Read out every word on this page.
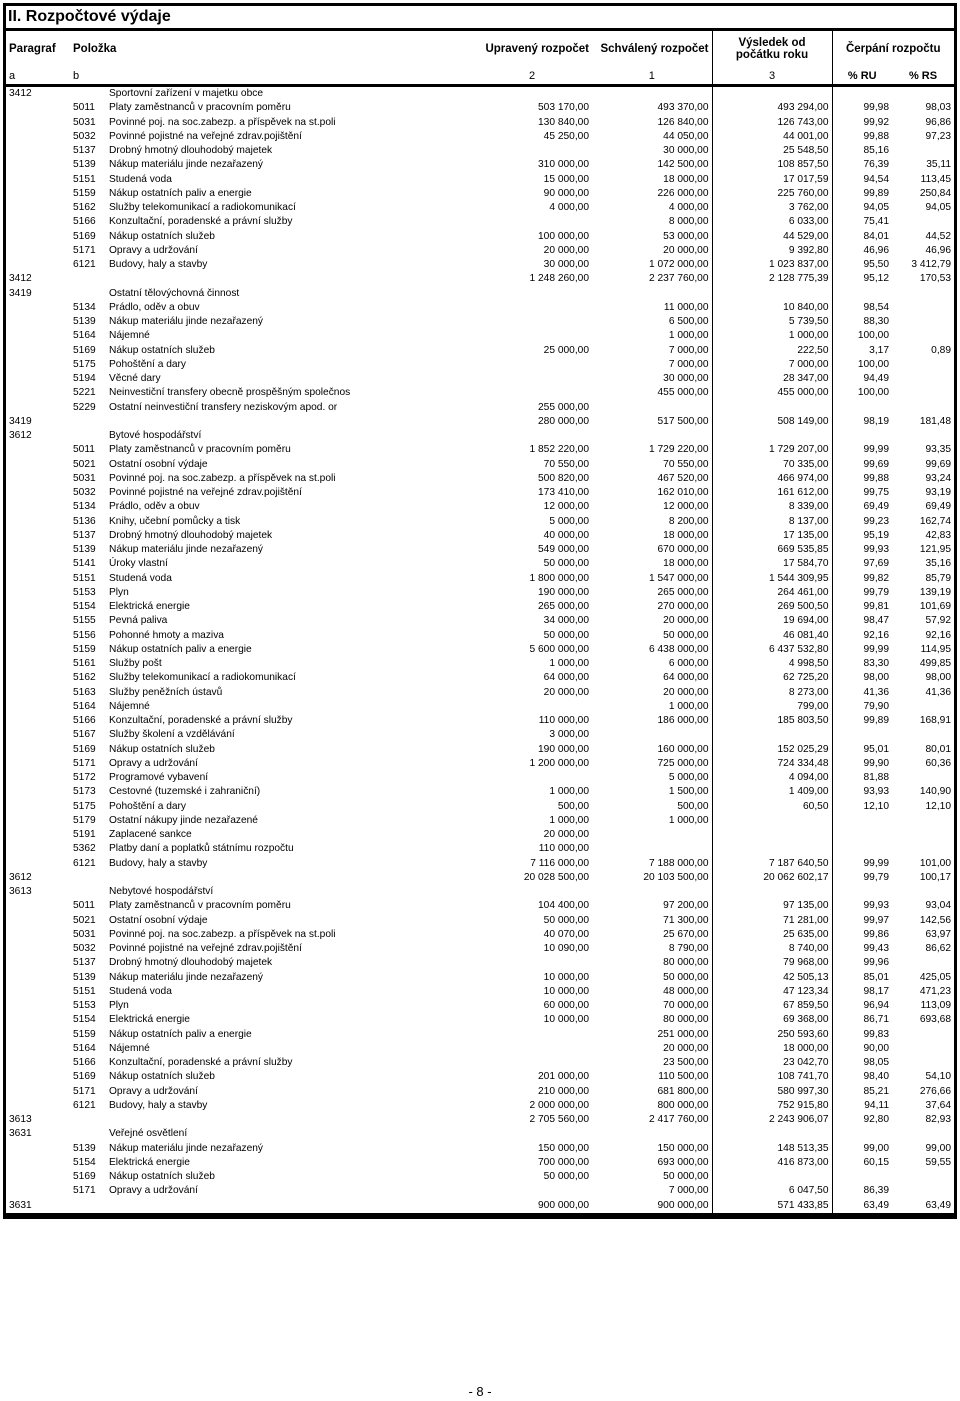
II. Rozpočtové výdaje
Paragraf	Položka		Upravený rozpočet	Schválený rozpočet	Výsledek od
počátku roku	Čerpání rozpočtu	
a	b		2	1	3	% RU	% RS
3412		Sportovní zařízení v majetku obce					
	5011	Platy zaměstnanců v pracovním poměru	503 170,00	493 370,00	493 294,00	99,98	98,03
	5031	Povinné poj. na soc.zabezp. a příspěvek na st.poli	130 840,00	126 840,00	126 743,00	99,92	96,86
	5032	Povinné pojistné na veřejné zdrav.pojištění	45 250,00	44 050,00	44 001,00	99,88	97,23
	5137	Drobný hmotný dlouhodobý majetek		30 000,00	25 548,50	85,16	
	5139	Nákup materiálu jinde nezařazený	310 000,00	142 500,00	108 857,50	76,39	35,11
	5151	Studená voda	15 000,00	18 000,00	17 017,59	94,54	113,45
	5159	Nákup ostatních paliv a energie	90 000,00	226 000,00	225 760,00	99,89	250,84
	5162	Služby telekomunikací a radiokomunikací	4 000,00	4 000,00	3 762,00	94,05	94,05
	5166	Konzultační, poradenské a právní služby		8 000,00	6 033,00	75,41	
	5169	Nákup ostatních služeb	100 000,00	53 000,00	44 529,00	84,01	44,52
	5171	Opravy a udržování	20 000,00	20 000,00	9 392,80	46,96	46,96
	6121	Budovy, haly a stavby	30 000,00	1 072 000,00	1 023 837,00	95,50	3 412,79
3412			1 248 260,00	2 237 760,00	2 128 775,39	95,12	170,53
3419		Ostatní tělovýchovná činnost					
	5134	Prádlo, oděv a obuv		11 000,00	10 840,00	98,54	
	5139	Nákup materiálu jinde nezařazený		6 500,00	5 739,50	88,30	
	5164	Nájemné		1 000,00	1 000,00	100,00	
	5169	Nákup ostatních služeb	25 000,00	7 000,00	222,50	3,17	0,89
	5175	Pohoštění a dary		7 000,00	7 000,00	100,00	
	5194	Věcné dary		30 000,00	28 347,00	94,49	
	5221	Neinvestiční transfery obecně prospěšným společnos		455 000,00	455 000,00	100,00	
	5229	Ostatní neinvestiční transfery neziskovým apod. or	255 000,00				
3419			280 000,00	517 500,00	508 149,00	98,19	181,48
3612		Bytové hospodářství					
	5011	Platy zaměstnanců v pracovním poměru	1 852 220,00	1 729 220,00	1 729 207,00	99,99	93,35
	5021	Ostatní osobní výdaje	70 550,00	70 550,00	70 335,00	99,69	99,69
	5031	Povinné poj. na soc.zabezp. a příspěvek na st.poli	500 820,00	467 520,00	466 974,00	99,88	93,24
	5032	Povinné pojistné na veřejné zdrav.pojištění	173 410,00	162 010,00	161 612,00	99,75	93,19
	5134	Prádlo, oděv a obuv	12 000,00	12 000,00	8 339,00	69,49	69,49
	5136	Knihy, učební pomůcky a tisk	5 000,00	8 200,00	8 137,00	99,23	162,74
	5137	Drobný hmotný dlouhodobý majetek	40 000,00	18 000,00	17 135,00	95,19	42,83
	5139	Nákup materiálu jinde nezařazený	549 000,00	670 000,00	669 535,85	99,93	121,95
	5141	Úroky vlastní	50 000,00	18 000,00	17 584,70	97,69	35,16
	5151	Studená voda	1 800 000,00	1 547 000,00	1 544 309,95	99,82	85,79
	5153	Plyn	190 000,00	265 000,00	264 461,00	99,79	139,19
	5154	Elektrická energie	265 000,00	270 000,00	269 500,50	99,81	101,69
	5155	Pevná paliva	34 000,00	20 000,00	19 694,00	98,47	57,92
	5156	Pohonné hmoty a maziva	50 000,00	50 000,00	46 081,40	92,16	92,16
	5159	Nákup ostatních paliv a energie	5 600 000,00	6 438 000,00	6 437 532,80	99,99	114,95
	5161	Služby pošt	1 000,00	6 000,00	4 998,50	83,30	499,85
	5162	Služby telekomunikací a radiokomunikací	64 000,00	64 000,00	62 725,20	98,00	98,00
	5163	Služby peněžních ústavů	20 000,00	20 000,00	8 273,00	41,36	41,36
	5164	Nájemné		1 000,00	799,00	79,90	
	5166	Konzultační, poradenské a právní služby	110 000,00	186 000,00	185 803,50	99,89	168,91
	5167	Služby školení a vzdělávání	3 000,00				
	5169	Nákup ostatních služeb	190 000,00	160 000,00	152 025,29	95,01	80,01
	5171	Opravy a udržování	1 200 000,00	725 000,00	724 334,48	99,90	60,36
	5172	Programové vybavení		5 000,00	4 094,00	81,88	
	5173	Cestovné (tuzemské i zahraniční)	1 000,00	1 500,00	1 409,00	93,93	140,90
	5175	Pohoštění a dary	500,00	500,00	60,50	12,10	12,10
	5179	Ostatní nákupy jinde nezařazené	1 000,00	1 000,00			
	5191	Zaplacené sankce	20 000,00				
	5362	Platby daní a poplatků státnímu rozpočtu	110 000,00				
	6121	Budovy, haly a stavby	7 116 000,00	7 188 000,00	7 187 640,50	99,99	101,00
3612			20 028 500,00	20 103 500,00	20 062 602,17	99,79	100,17
3613		Nebytové hospodářství					
	5011	Platy zaměstnanců v pracovním poměru	104 400,00	97 200,00	97 135,00	99,93	93,04
	5021	Ostatní osobní výdaje	50 000,00	71 300,00	71 281,00	99,97	142,56
	5031	Povinné poj. na soc.zabezp. a příspěvek na st.poli	40 070,00	25 670,00	25 635,00	99,86	63,97
	5032	Povinné pojistné na veřejné zdrav.pojištění	10 090,00	8 790,00	8 740,00	99,43	86,62
	5137	Drobný hmotný dlouhodobý majetek		80 000,00	79 968,00	99,96	
	5139	Nákup materiálu jinde nezařazený	10 000,00	50 000,00	42 505,13	85,01	425,05
	5151	Studená voda	10 000,00	48 000,00	47 123,34	98,17	471,23
	5153	Plyn	60 000,00	70 000,00	67 859,50	96,94	113,09
	5154	Elektrická energie	10 000,00	80 000,00	69 368,00	86,71	693,68
	5159	Nákup ostatních paliv a energie		251 000,00	250 593,60	99,83	
	5164	Nájemné		20 000,00	18 000,00	90,00	
	5166	Konzultační, poradenské a právní služby		23 500,00	23 042,70	98,05	
	5169	Nákup ostatních služeb	201 000,00	110 500,00	108 741,70	98,40	54,10
	5171	Opravy a udržování	210 000,00	681 800,00	580 997,30	85,21	276,66
	6121	Budovy, haly a stavby	2 000 000,00	800 000,00	752 915,80	94,11	37,64
3613			2 705 560,00	2 417 760,00	2 243 906,07	92,80	82,93
3631		Veřejné osvětlení					
	5139	Nákup materiálu jinde nezařazený	150 000,00	150 000,00	148 513,35	99,00	99,00
	5154	Elektrická energie	700 000,00	693 000,00	416 873,00	60,15	59,55
	5169	Nákup ostatních služeb	50 000,00	50 000,00			
	5171	Opravy a udržování		7 000,00	6 047,50	86,39	
3631			900 000,00	900 000,00	571 433,85	63,49	63,49
- 8 -
